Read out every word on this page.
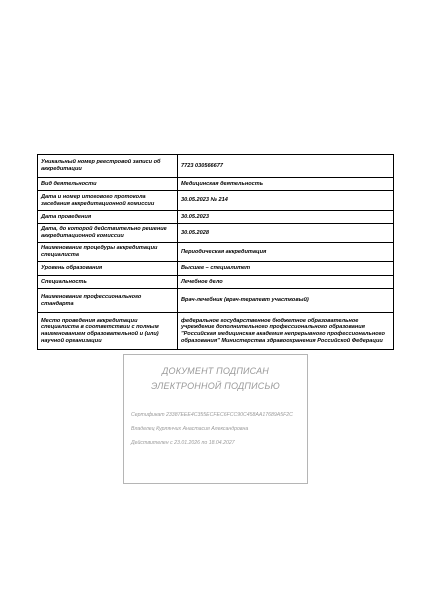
Уникальный номер реестровой записи об аккредитации	7723 030566677
Вид деятельности	Медицинская деятельность
Дата и номер итогового протокола заседания аккредитационной комиссии	30.05.2023 № 214
Дата проведения	30.05.2023
Дата, до которой действительно решение аккредитационной комиссии	30.05.2028
Наименование процедуры аккредитации специалиста	Периодическая аккредитация
Уровень образования	Высшее – специалитет
Специальность	Лечебное дело
Наименование профессионального стандарта	Врач-лечебник (врач-терапевт участковый)
Место проведения аккредитации специалиста в соответствии с полным наименованием образовательной и (или) научной организации	федеральное государственное бюджетное образовательное учреждение дополнительного профессионального образования "Российская медицинская академия непрерывного профессионального образования" Министерства здравоохранения Российской Федерации
ДОКУМЕНТ ПОДПИСАН
ЭЛЕКТРОННОЙ ПОДПИСЬЮ
Сертификат 23387EEE4C355ECFEC6FCC90C458AA17689A5F2C
Владелец Курлянчих Анастасия Александровна
Действителен с 23.01.2026 по 18.04.2027
